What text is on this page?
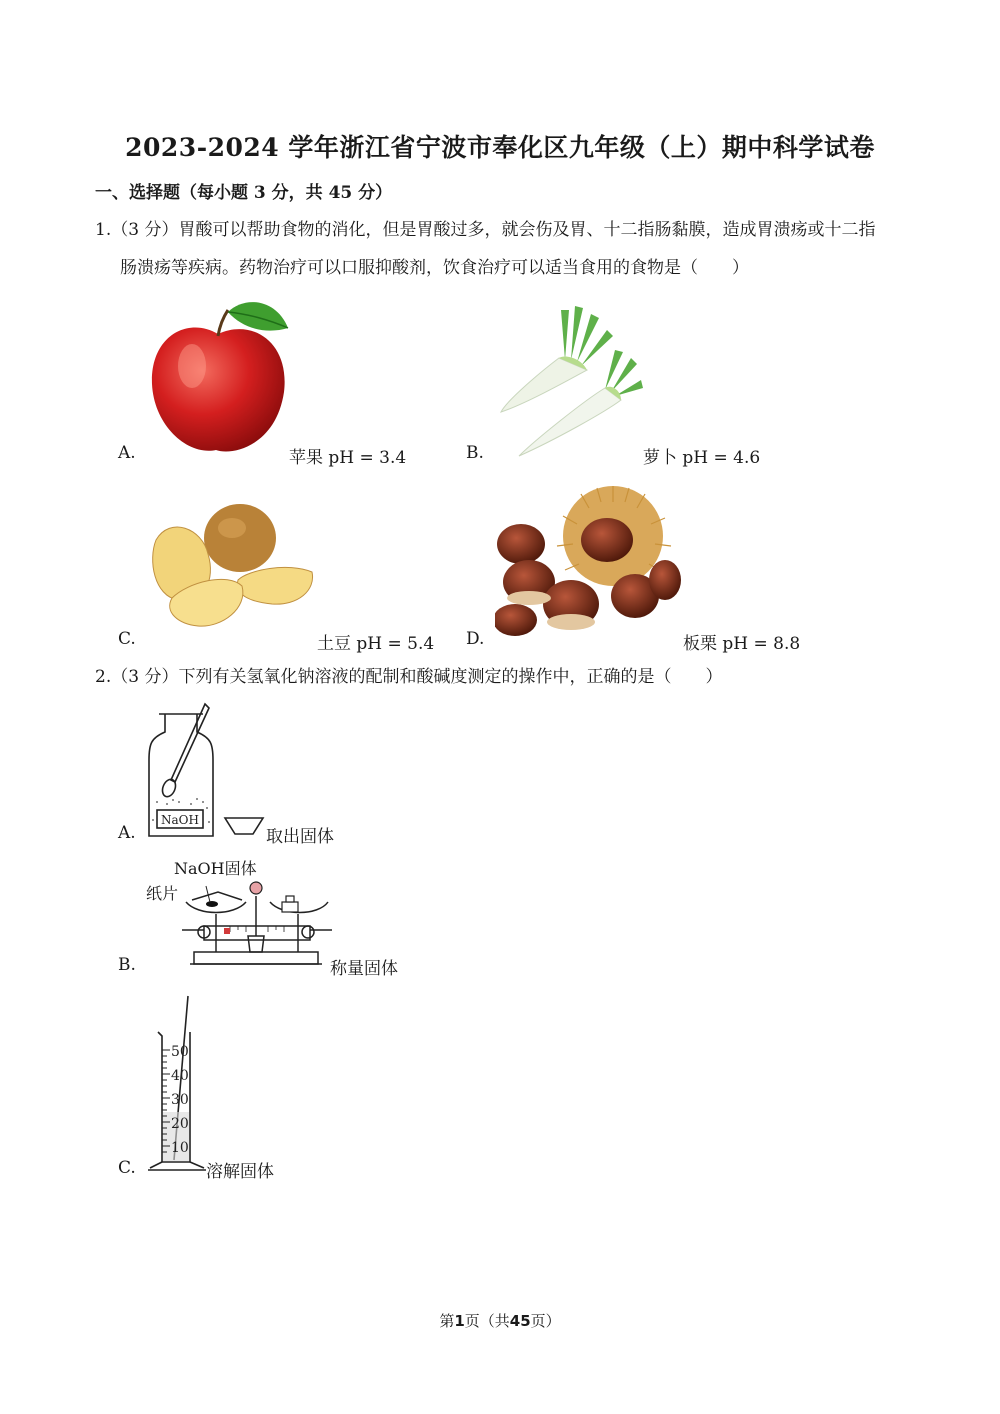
2023-2024 学年浙江省宁波市奉化区九年级（上）期中科学试卷
一、选择题（每小题 3 分，共 45 分）
1.（3 分）胃酸可以帮助食物的消化，但是胃酸过多，就会伤及胃、十二指肠黏膜，造成胃溃疡或十二指
肠溃疡等疾病。药物治疗可以口服抑酸剂，饮食治疗可以适当食用的食物是（　　）
A.	苹果 pH = 3.4	B.	萝卜 pH = 4.6
C.	土豆 pH = 5.4 D.	板栗 pH = 8.8
2.（3 分）下列有关氢氧化钠溶液的配制和酸碱度测定的操作中，正确的是（　　）
NaOH
A.	取出固体
NaOH固体
纸片
B.	称量固体
50
40
30
20
10
C.	溶解固体
第1页（共45页）
